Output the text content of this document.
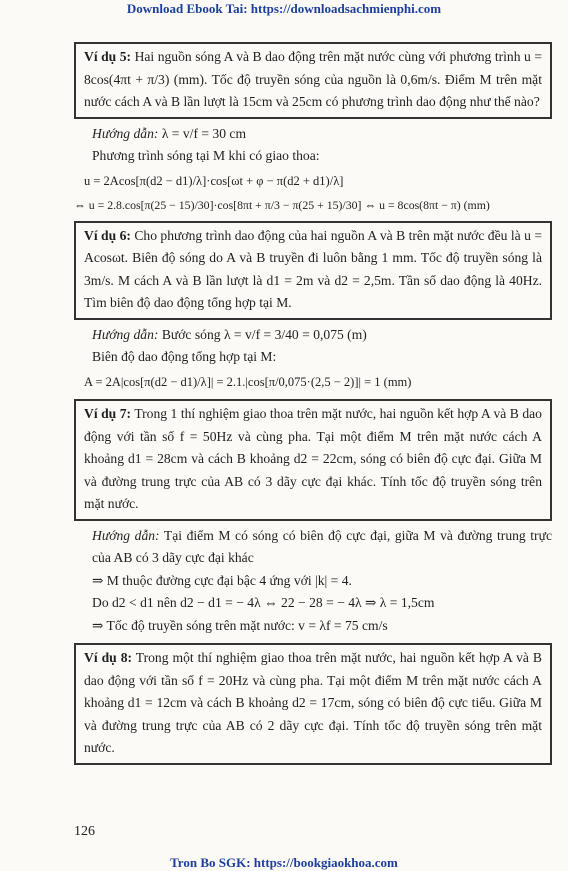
Download Ebook Tai: https://downloadsachmienphi.com
Ví dụ 5: Hai nguồn sóng A và B dao động trên mặt nước cùng với phương trình u = 8cos(4πt + π/3) (mm). Tốc độ truyền sóng của nguồn là 0,6m/s. Điểm M trên mặt nước cách A và B lần lượt là 15cm và 25cm có phương trình dao động như thế nào?

Hướng dẫn: λ = v/f = 30 cm

Phương trình sóng tại M khi có giao thoa:

u = 2Acos[π(d2 − d1)/λ]·cos[ωt + φ − π(d2 + d1)/λ]

⇔ u = 2.8.cos[π(25 − 15)/30]·cos[8πt + π/3 − π(25 + 15)/30] ⇔ u = 8cos(8πt − π) (mm)

Ví dụ 6: Cho phương trình dao động của hai nguồn A và B trên mặt nước đều là u = Acosωt. Biên độ sóng do A và B truyền đi luôn bằng 1 mm. Tốc độ truyền sóng là 3m/s. M cách A và B lần lượt là d1 = 2m và d2 = 2,5m. Tần số dao động là 40Hz. Tìm biên độ dao động tổng hợp tại M.

Hướng dẫn: Bước sóng λ = v/f = 3/40 = 0,075 (m)

Biên độ dao động tổng hợp tại M:

A = 2A|cos[π(d2 − d1)/λ]| = 2.1.|cos[π/0,075·(2,5 − 2)]| = 1 (mm)

Ví dụ 7: Trong 1 thí nghiệm giao thoa trên mặt nước, hai nguồn kết hợp A và B dao động với tần số f = 50Hz và cùng pha. Tại một điểm M trên mặt nước cách A khoảng d1 = 28cm và cách B khoảng d2 = 22cm, sóng có biên độ cực đại. Giữa M và đường trung trực của AB có 3 dãy cực đại khác. Tính tốc độ truyền sóng trên mặt nước.

Hướng dẫn: Tại điểm M có sóng có biên độ cực đại, giữa M và đường trung trực của AB có 3 dãy cực đại khác

⇒ M thuộc đường cực đại bậc 4 ứng với |k| = 4.

Do d2 < d1 nên d2 − d1 = − 4λ ⇔ 22 − 28 = − 4λ ⇒ λ = 1,5cm

⇒ Tốc độ truyền sóng trên mặt nước: v = λf = 75 cm/s

Ví dụ 8: Trong một thí nghiệm giao thoa trên mặt nước, hai nguồn kết hợp A và B dao động với tần số f = 20Hz và cùng pha. Tại một điểm M trên mặt nước cách A khoảng d1 = 12cm và cách B khoảng d2 = 17cm, sóng có biên độ cực tiểu. Giữa M và đường trung trực của AB có 2 dãy cực đại. Tính tốc độ truyền sóng trên mặt nước.
126
Tron Bo SGK: https://bookgiaokhoa.com
